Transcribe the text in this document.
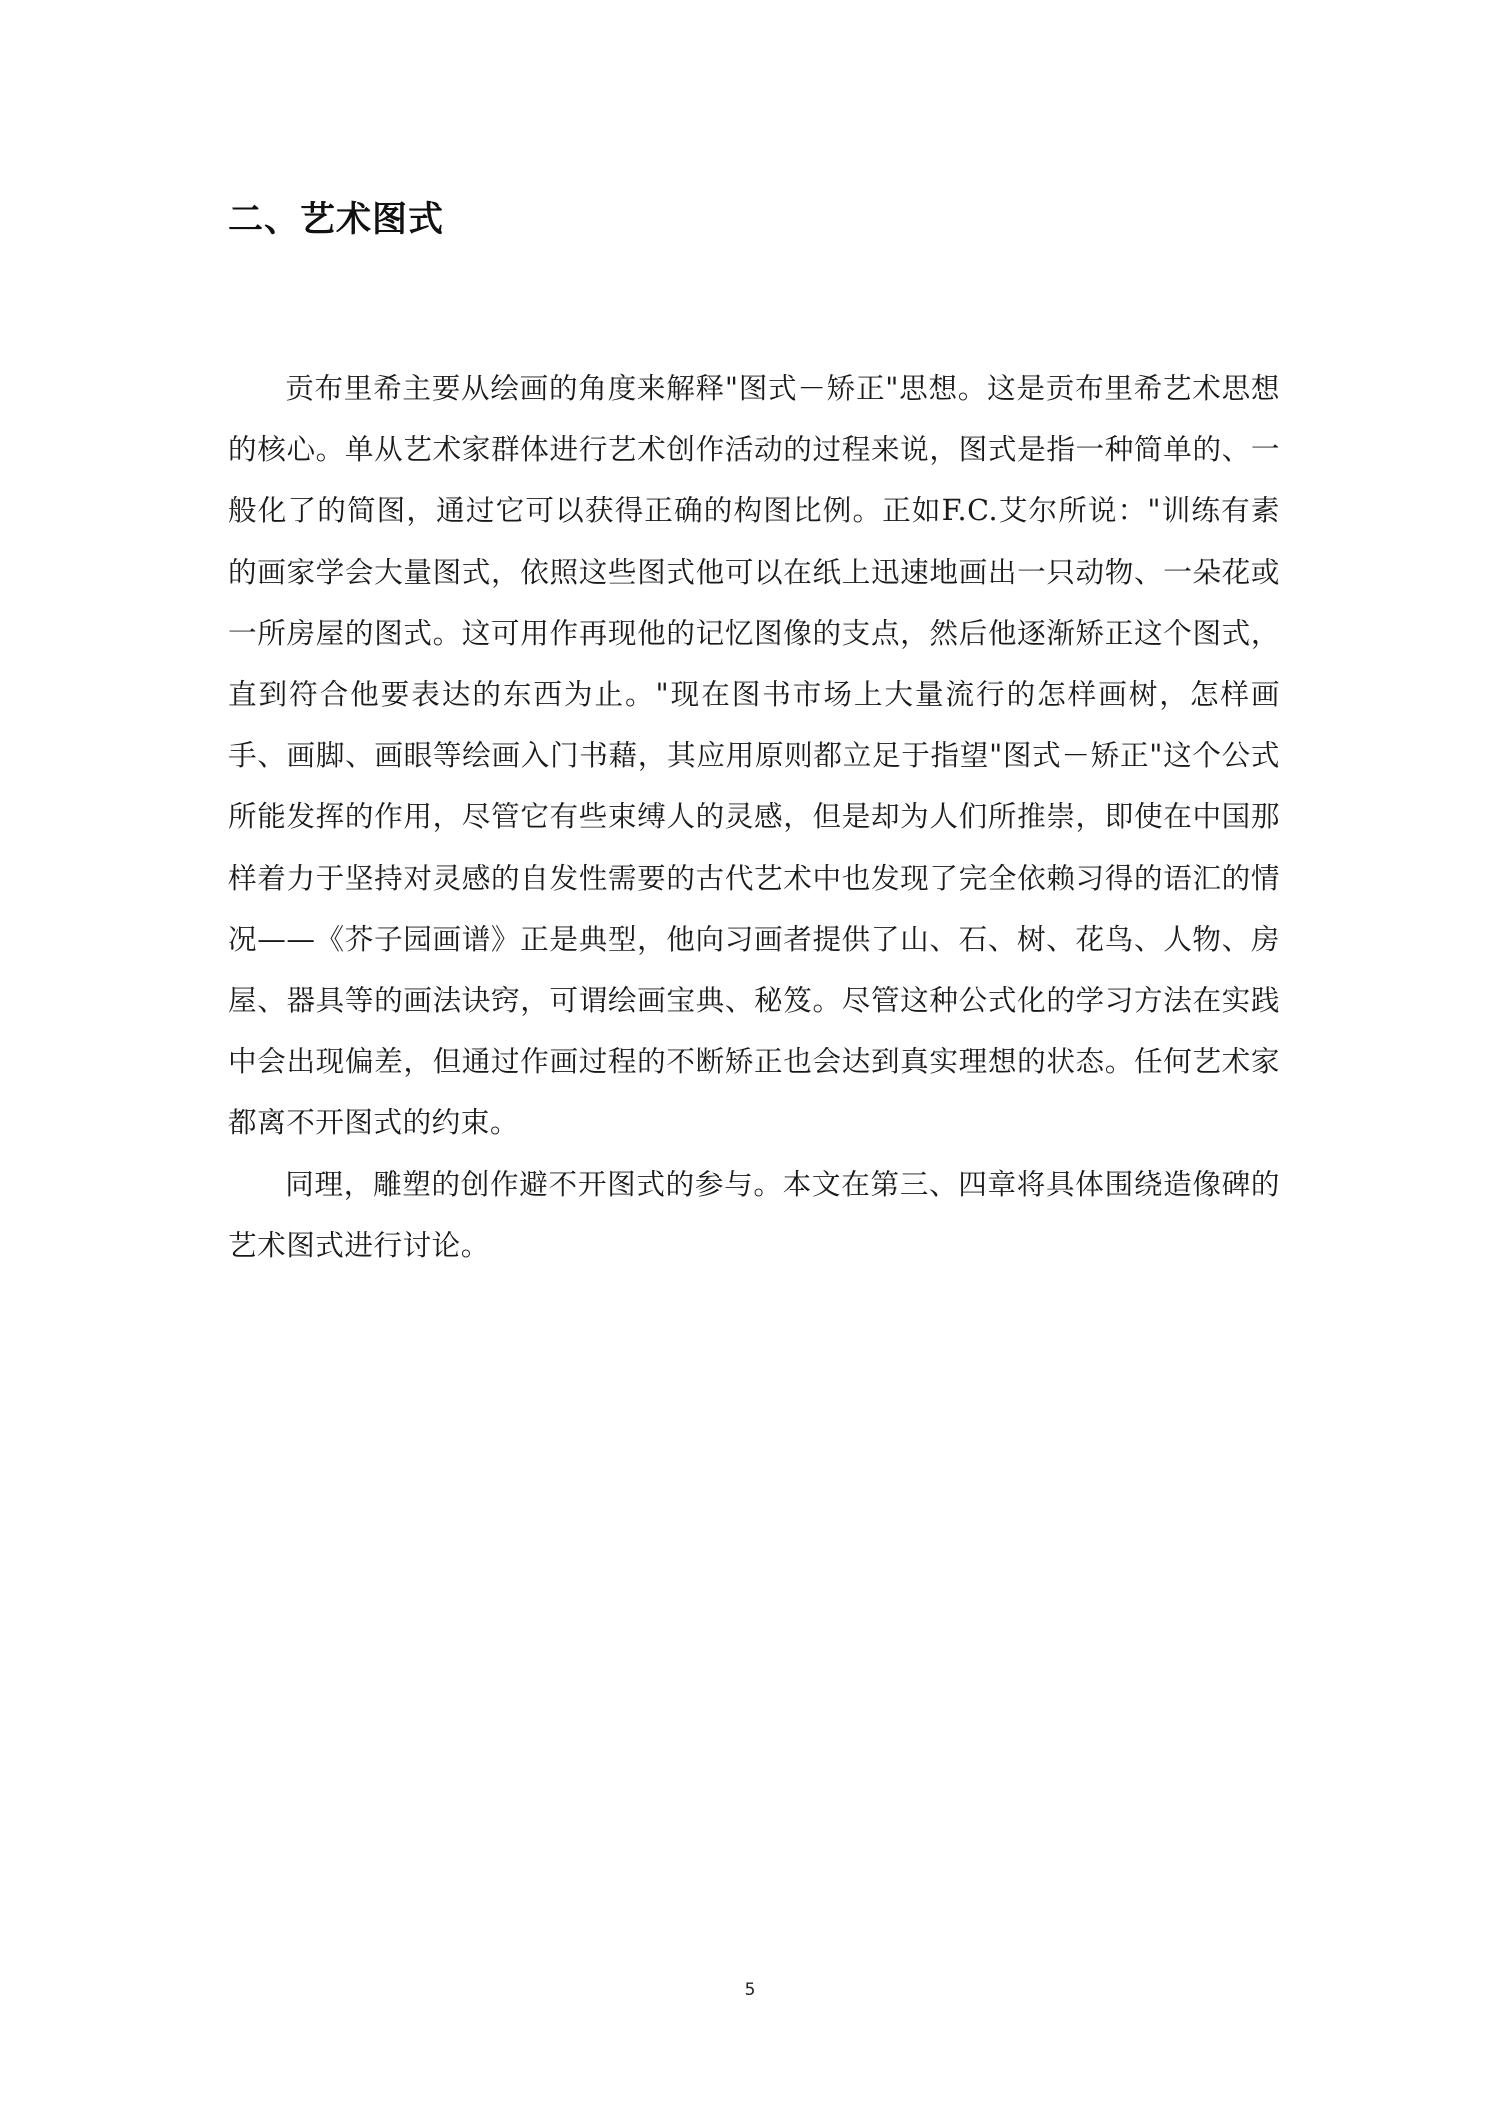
二、艺术图式

贡布里希主要从绘画的角度来解释"图式－矫正"思想。这是贡布里希艺术思想的核心。单从艺术家群体进行艺术创作活动的过程来说，图式是指一种简单的、一般化了的简图，通过它可以获得正确的构图比例。正如F.C.艾尔所说："训练有素的画家学会大量图式，依照这些图式他可以在纸上迅速地画出一只动物、一朵花或一所房屋的图式。这可用作再现他的记忆图像的支点，然后他逐渐矫正这个图式，直到符合他要表达的东西为止。"现在图书市场上大量流行的怎样画树，怎样画手、画脚、画眼等绘画入门书藉，其应用原则都立足于指望"图式－矫正"这个公式所能发挥的作用，尽管它有些束缚人的灵感，但是却为人们所推崇，即使在中国那样着力于坚持对灵感的自发性需要的古代艺术中也发现了完全依赖习得的语汇的情况——《芥子园画谱》正是典型，他向习画者提供了山、石、树、花鸟、人物、房屋、器具等的画法诀窍，可谓绘画宝典、秘笈。尽管这种公式化的学习方法在实践中会出现偏差，但通过作画过程的不断矫正也会达到真实理想的状态。任何艺术家都离不开图式的约束。

同理，雕塑的创作避不开图式的参与。本文在第三、四章将具体围绕造像碑的艺术图式进行讨论。

5
